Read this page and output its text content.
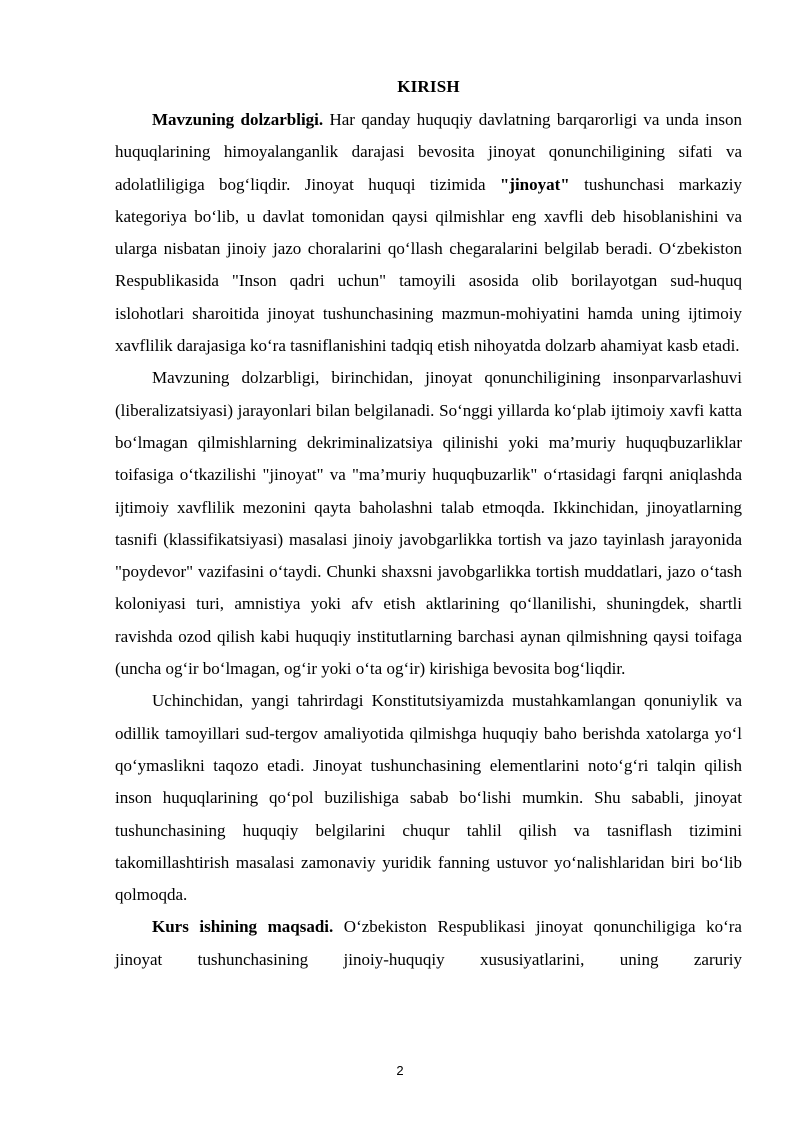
KIRISH

Mavzuning dolzarbligi. Har qanday huquqiy davlatning barqarorligi va unda inson huquqlarining himoyalanganlik darajasi bevosita jinoyat qonunchiligining sifati va adolatliligiga bog‘liqdir. Jinoyat huquqi tizimida "jinoyat" tushunchasi markaziy kategoriya bo‘lib, u davlat tomonidan qaysi qilmishlar eng xavfli deb hisoblanishini va ularga nisbatan jinoiy jazo choralarini qo‘llash chegaralarini belgilab beradi. O‘zbekiston Respublikasida "Inson qadri uchun" tamoyili asosida olib borilayotgan sud-huquq islohotlari sharoitida jinoyat tushunchasining mazmun-mohiyatini hamda uning ijtimoiy xavflilik darajasiga ko‘ra tasniflanishini tadqiq etish nihoyatda dolzarb ahamiyat kasb etadi.

Mavzuning dolzarbligi, birinchidan, jinoyat qonunchiligining insonparvarlashuvi (liberalizatsiyasi) jarayonlari bilan belgilanadi. So‘nggi yillarda ko‘plab ijtimoiy xavfi katta bo‘lmagan qilmishlarning dekriminalizatsiya qilinishi yoki ma’muriy huquqbuzarliklar toifasiga o‘tkazilishi "jinoyat" va "ma’muriy huquqbuzarlik" o‘rtasidagi farqni aniqlashda ijtimoiy xavflilik mezonini qayta baholashni talab etmoqda. Ikkinchidan, jinoyatlarning tasnifi (klassifikatsiyasi) masalasi jinoiy javobgarlikka tortish va jazo tayinlash jarayonida "poydevor" vazifasini o‘taydi. Chunki shaxsni javobgarlikka tortish muddatlari, jazo o‘tash koloniyasi turi, amnistiya yoki afv etish aktlarining qo‘llanilishi, shuningdek, shartli ravishda ozod qilish kabi huquqiy institutlarning barchasi aynan qilmishning qaysi toifaga (uncha og‘ir bo‘lmagan, og‘ir yoki o‘ta og‘ir) kirishiga bevosita bog‘liqdir.

Uchinchidan, yangi tahrirdagi Konstitutsiyamizda mustahkamlangan qonuniylik va odillik tamoyillari sud-tergov amaliyotida qilmishga huquqiy baho berishda xatolarga yo‘l qo‘ymaslikni taqozo etadi. Jinoyat tushunchasining elementlarini noto‘g‘ri talqin qilish inson huquqlarining qo‘pol buzilishiga sabab bo‘lishi mumkin. Shu sababli, jinoyat tushunchasining huquqiy belgilarini chuqur tahlil qilish va tasniflash tizimini takomillashtirish masalasi zamonaviy yuridik fanning ustuvor yo‘nalishlaridan biri bo‘lib qolmoqda.

Kurs ishining maqsadi. O‘zbekiston Respublikasi jinoyat qonunchiligiga ko‘ra jinoyat tushunchasining jinoiy-huquqiy xususiyatlarini, uning zaruriy

2
